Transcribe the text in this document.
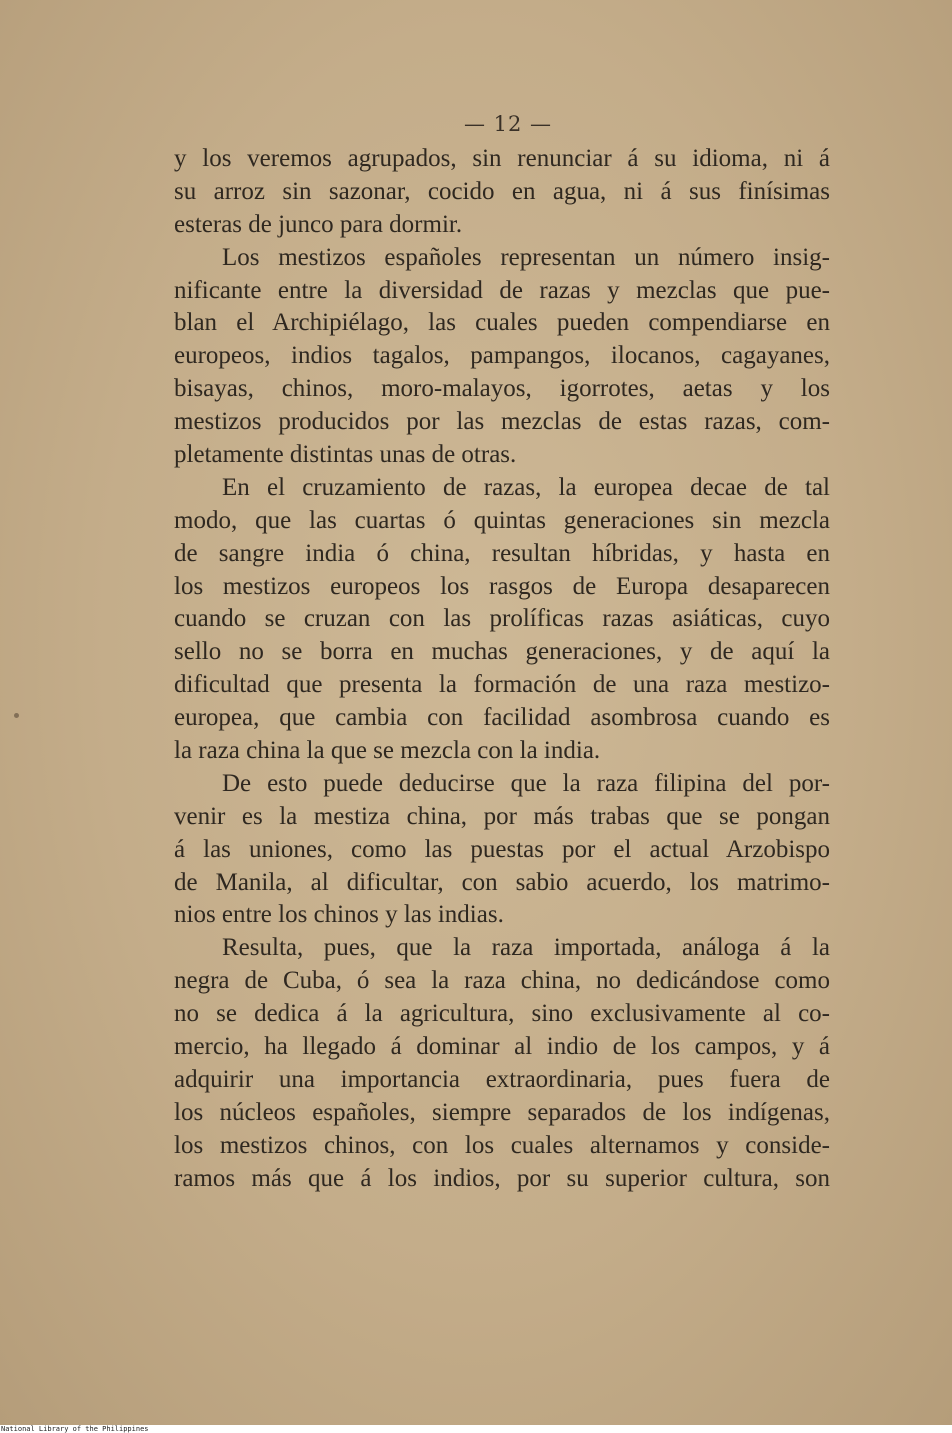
— 12 —
y los veremos agrupados, sin renunciar á su idioma, ni á
su arroz sin sazonar, cocido en agua, ni á sus finísimas
esteras de junco para dormir.
Los mestizos españoles representan un número insig-
nificante entre la diversidad de razas y mezclas que pue-
blan el Archipiélago, las cuales pueden compendiarse en
europeos, indios tagalos, pampangos, ilocanos, cagayanes,
bisayas, chinos, moro-malayos, igorrotes, aetas y los
mestizos producidos por las mezclas de estas razas, com-
pletamente distintas unas de otras.
En el cruzamiento de razas, la europea decae de tal
modo, que las cuartas ó quintas generaciones sin mezcla
de sangre india ó china, resultan híbridas, y hasta en
los mestizos europeos los rasgos de Europa desaparecen
cuando se cruzan con las prolíficas razas asiáticas, cuyo
sello no se borra en muchas generaciones, y de aquí la
dificultad que presenta la formación de una raza mestizo-
europea, que cambia con facilidad asombrosa cuando es
la raza china la que se mezcla con la india.
De esto puede deducirse que la raza filipina del por-
venir es la mestiza china, por más trabas que se pongan
á las uniones, como las puestas por el actual Arzobispo
de Manila, al dificultar, con sabio acuerdo, los matrimo-
nios entre los chinos y las indias.
Resulta, pues, que la raza importada, análoga á la
negra de Cuba, ó sea la raza china, no dedicándose como
no se dedica á la agricultura, sino exclusivamente al co-
mercio, ha llegado á dominar al indio de los campos, y á
adquirir una importancia extraordinaria, pues fuera de
los núcleos españoles, siempre separados de los indígenas,
los mestizos chinos, con los cuales alternamos y conside-
ramos más que á los indios, por su superior cultura, son
National Library of the Philippines
